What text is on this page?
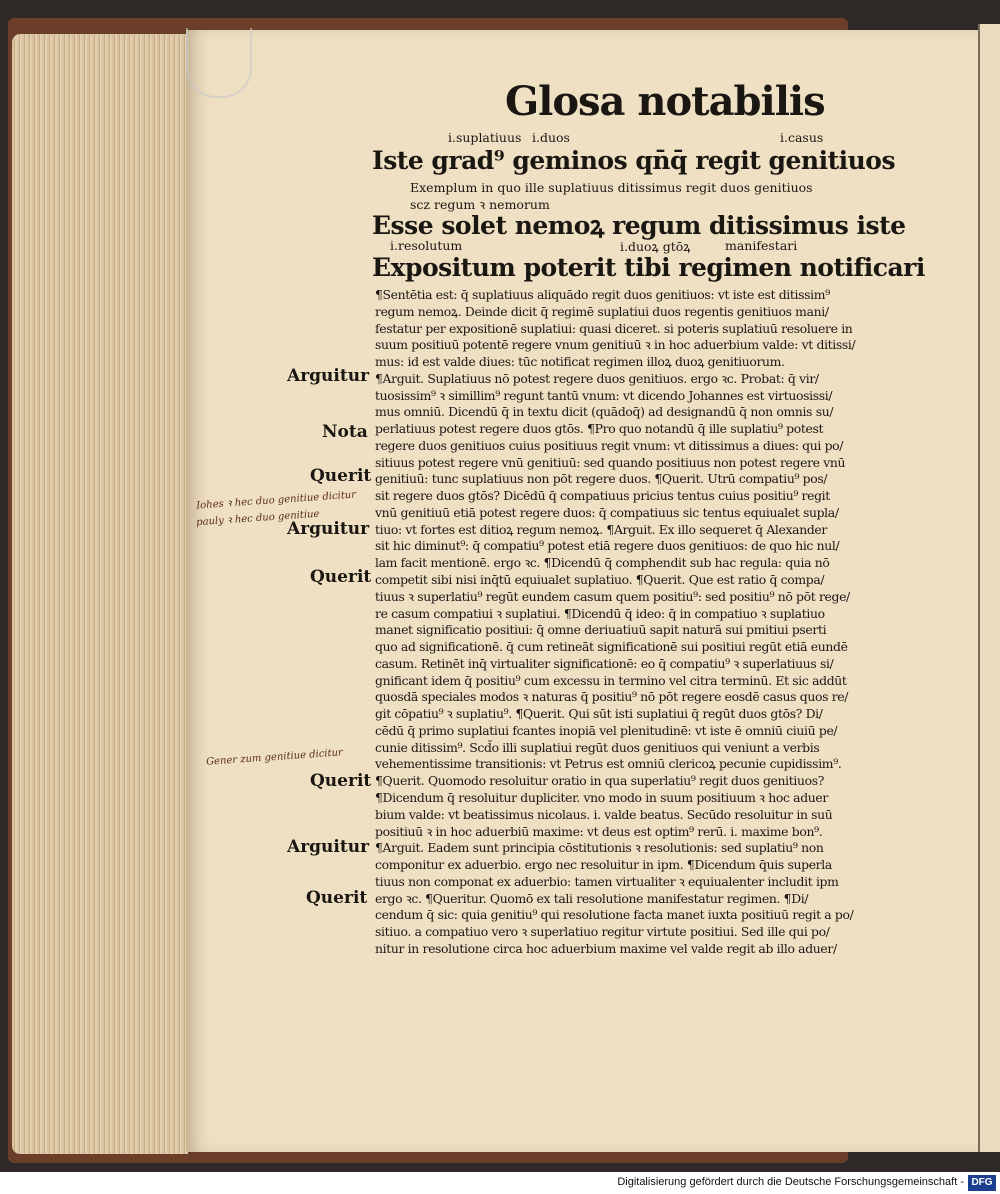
Glosa notabilis
i.suplatiuus i.duos	i.casus
Iste grad⁹ geminos qn̄q̄ regit genitiuos
Exemplum in quo ille suplatiuus ditissimus regit duos genitiuos
scz regum ꝛ nemorum
Esse solet nemoꝝ regum ditissimus iste
i.resolutum	i.duoꝝ gtōꝝ	manifestari
Expositum poterit tibi regimen notificari
¶Sentētia est: q̄ suplatiuus aliquādo regit duos genitiuos: vt iste est ditissim⁹
regum nemoꝝ. Deinde dicit q̄ regimē suplatiui duos regentis genitiuos mani/
festatur per expositionē suplatiui: quasi diceret. si poteris suplatiuū resoluere in
suum positiuū potentē regere vnum genitiuū ꝛ in hoc aduerbium valde: vt ditissi/
mus: id est valde diues: tūc notificat regimen illoꝝ duoꝝ genitiuorum.
¶Arguit. Suplatiuus nō potest regere duos genitiuos. ergo ꝛc. Probat: q̄ vir/
tuosissim⁹ ꝛ simillim⁹ regunt tantū vnum: vt dicendo Johannes est virtuosissi/
mus omniū. Dicendū q̄ in textu dicit (quādoq̄) ad designandū q̄ non omnis su/
perlatiuus potest regere duos gtōs. ¶Pro quo notandū q̄ ille suplatiu⁹ potest
regere duos genitiuos cuius positiuus regit vnum: vt ditissimus a diues: qui po/
sitiuus potest regere vnū genitiuū: sed quando positiuus non potest regere vnū
genitiuū: tunc suplatiuus non pōt regere duos. ¶Querit. Utrū compatiu⁹ pos/
sit regere duos gtōs? Dicēdū q̄ compatiuus pricius tentus cuius positiu⁹ regit
vnū genitiuū etiā potest regere duos: q̄ compatiuus sic tentus equiualet supla/
tiuo: vt fortes est ditioꝝ regum nemoꝝ. ¶Arguit. Ex illo sequeret q̄ Alexander
sit hic diminut⁹: q̄ compatiu⁹ potest etiā regere duos genitiuos: de quo hic nul/
lam facit mentionē. ergo ꝛc. ¶Dicendū q̄ comphendit sub hac regula: quia nō
competit sibi nisi inq̄tū equiualet suplatiuo. ¶Querit. Que est ratio q̄ compa/
tiuus ꝛ superlatiu⁹ regūt eundem casum quem positiu⁹: sed positiu⁹ nō pōt rege/
re casum compatiui ꝛ suplatiui. ¶Dicendū q̄ ideo: q̄ in compatiuo ꝛ suplatiuo
manet significatio positiui: q̄ omne deriuatiuū sapit naturā sui pmitiui pserti
quo ad significationē. q̄ cum retineāt significationē sui positiui regūt etiā eundē
casum. Retinēt inq̄ virtualiter significationē: eo q̄ compatiu⁹ ꝛ superlatiuus si/
gnificant idem q̄ positiu⁹ cum excessu in termino vel citra terminū. Et sic addūt
quosdā speciales modos ꝛ naturas q̄ positiu⁹ nō pōt regere eosdē casus quos re/
git cōpatiu⁹ ꝛ suplatiu⁹. ¶Querit. Qui sūt isti suplatiui q̄ regūt duos gtōs? Di/
cēdū q̄ primo suplatiui fcantes inopiā vel plenitudinē: vt iste ē omniū ciuiū pe/
cunie ditissim⁹. Scd̄o illi suplatiui regūt duos genitiuos qui veniunt a verbis
vehementissime transitionis: vt Petrus est omniū clericoꝝ pecunie cupidissim⁹.
¶Querit. Quomodo resoluitur oratio in qua superlatiu⁹ regit duos genitiuos?
¶Dicendum q̄ resoluitur dupliciter. vno modo in suum positiuum ꝛ hoc aduer
bium valde: vt beatissimus nicolaus. i. valde beatus. Secūdo resoluitur in suū
positiuū ꝛ in hoc aduerbiū maxime: vt deus est optim⁹ rerū. i. maxime bon⁹.
¶Arguit. Eadem sunt principia cōstitutionis ꝛ resolutionis: sed suplatiu⁹ non
componitur ex aduerbio. ergo nec resoluitur in ipm. ¶Dicendum q̄uis superla
tiuus non componat ex aduerbio: tamen virtualiter ꝛ equiualenter includit ipm
ergo ꝛc. ¶Queritur. Quomō ex tali resolutione manifestatur regimen. ¶Di/
cendum q̄ sic: quia genitiu⁹ qui resolutione facta manet iuxta positiuū regit a po/
sitiuo. a compatiuo vero ꝛ superlatiuo regitur virtute positiui. Sed ille qui po/
nitur in resolutione circa hoc aduerbium maxime vel valde regit ab illo aduer/
Arguitur
Nota
Querit
Arguitur
Querit
Querit
Arguitur
Querit
Iohes ꝛ hec duo genitiue dicitur
pauly ꝛ hec duo genitiue
Gener zum genitiue dicitur
Digitalisierung gefördert durch die Deutsche Forschungsgemeinschaft - DFG
